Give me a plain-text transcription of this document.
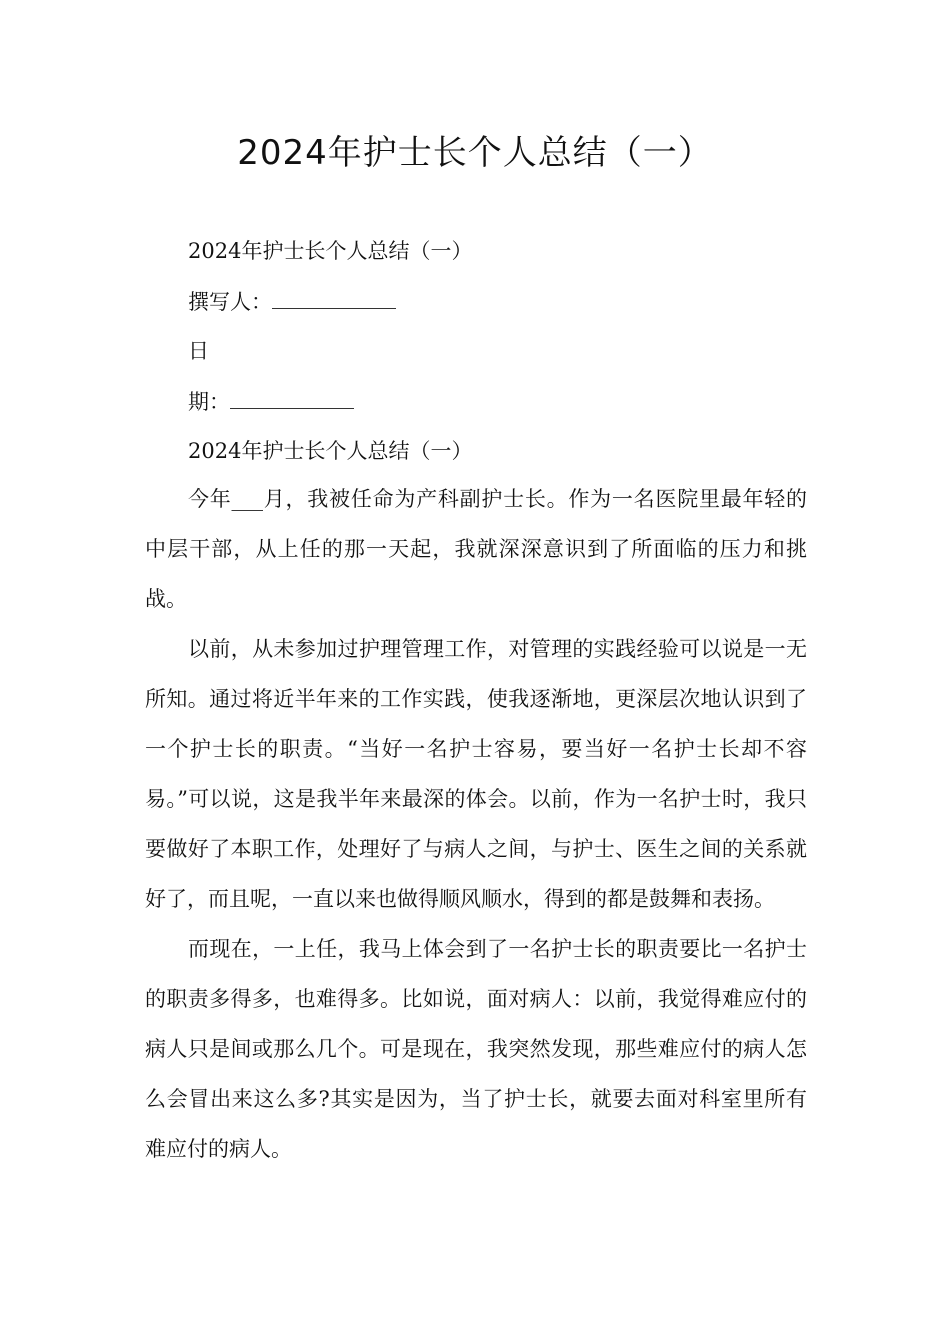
2024年护士长个人总结（一）
2024年护士长个人总结（一）
撰写人：
日
期：
2024年护士长个人总结（一）

今年___月，我被任命为产科副护士长。作为一名医院里最年轻的中层干部，从上任的那一天起，我就深深意识到了所面临的压力和挑战。

以前，从未参加过护理管理工作，对管理的实践经验可以说是一无所知。通过将近半年来的工作实践，使我逐渐地，更深层次地认识到了一个护士长的职责。“当好一名护士容易，要当好一名护士长却不容易。”可以说，这是我半年来最深的体会。以前，作为一名护士时，我只要做好了本职工作，处理好了与病人之间，与护士、医生之间的关系就好了，而且呢，一直以来也做得顺风顺水，得到的都是鼓舞和表扬。

而现在，一上任，我马上体会到了一名护士长的职责要比一名护士的职责多得多，也难得多。比如说，面对病人：以前，我觉得难应付的病人只是间或那么几个。可是现在，我突然发现，那些难应付的病人怎么会冒出来这么多?其实是因为，当了护士长，就要去面对科室里所有难应付的病人。
